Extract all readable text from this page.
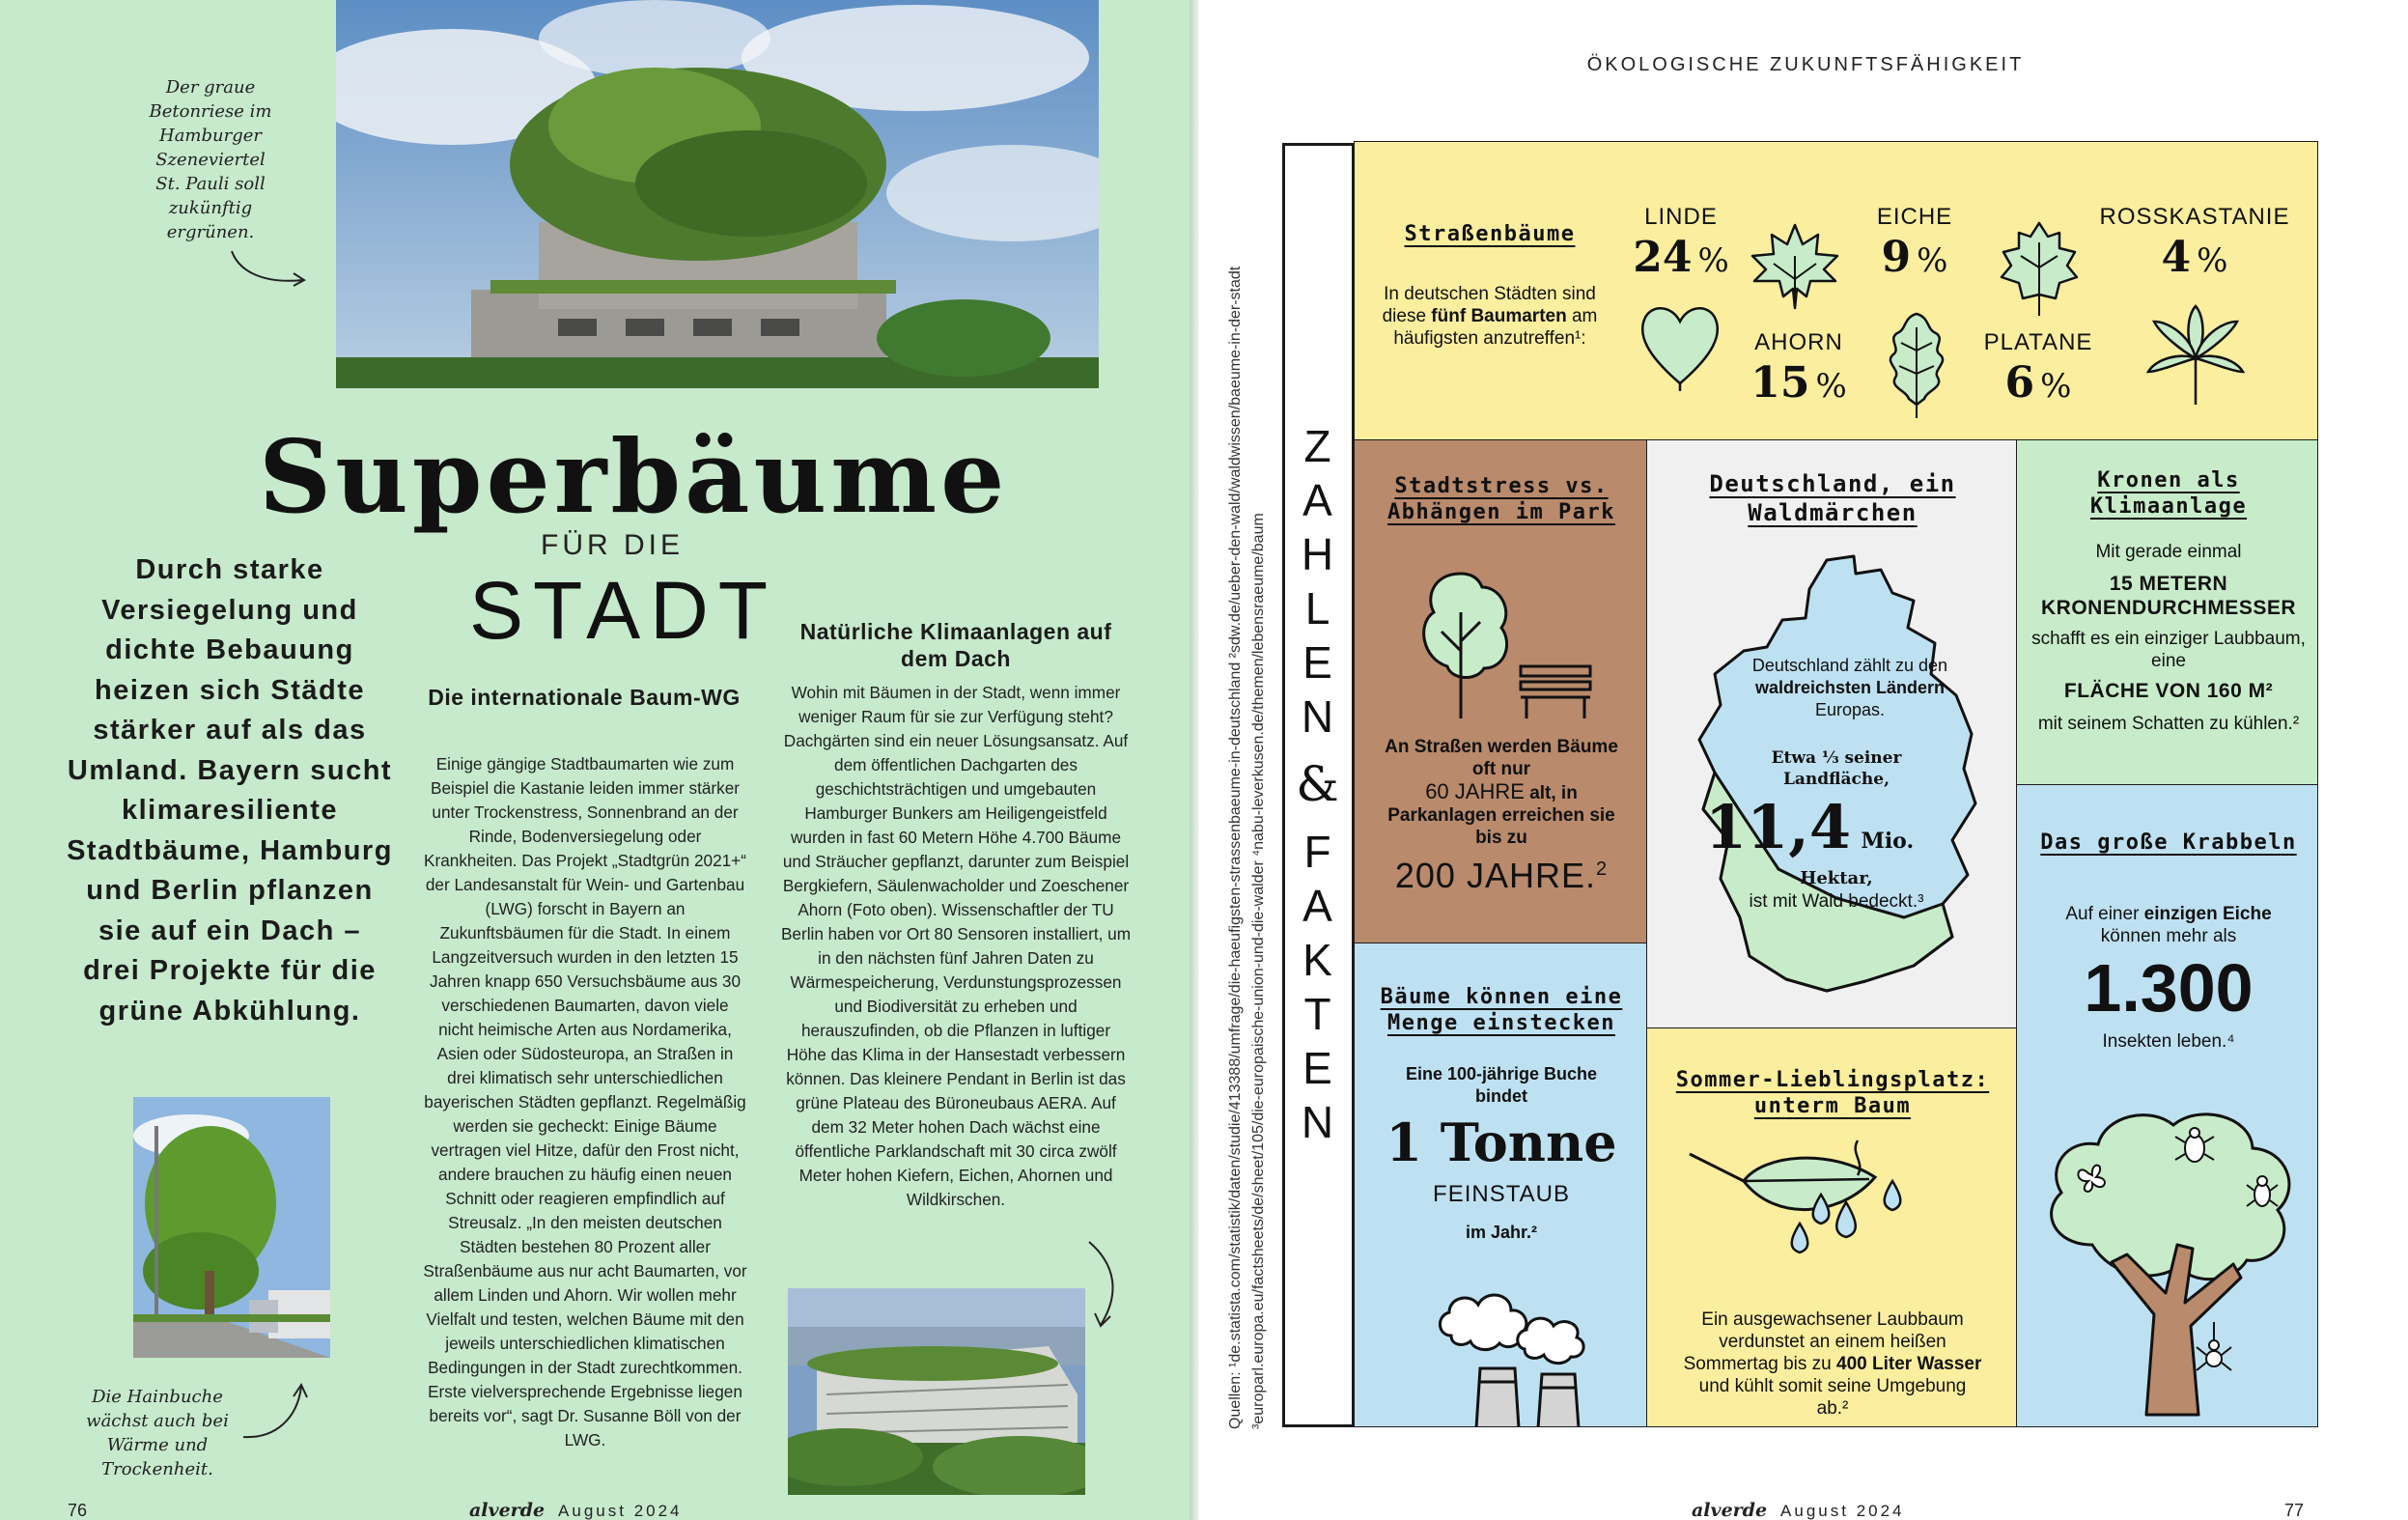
Der graue Betonriese im Hamburger Szeneviertel St. Pauli soll zukünftig ergrünen.
Superbäume
FÜR DIE
STADT
Durch starke Versiegelung und dichte Bebauung heizen sich Städte stärker auf als das Umland. Bayern sucht klimaresiliente Stadtbäume, Hamburg und Berlin pflanzen sie auf ein Dach – drei Projekte für die grüne Abkühlung.
Die internationale Baum-WG
Einige gängige Stadtbaumarten wie zum Beispiel die Kastanie leiden immer stärker unter Trockenstress, Sonnenbrand an der Rinde, Bodenversiegelung oder Krankheiten. Das Projekt „Stadtgrün 2021+“ der Landesanstalt für Wein- und Gartenbau (LWG) forscht in Bayern an Zukunftsbäumen für die Stadt. In einem Langzeitversuch wurden in den letzten 15 Jahren knapp 650 Versuchsbäume aus 30 verschiedenen Baumarten, davon viele nicht heimische Arten aus Nordamerika, Asien oder Südosteuropa, an Straßen in drei klimatisch sehr unterschiedlichen bayerischen Städten gepflanzt. Regelmäßig werden sie gecheckt: Einige Bäume vertragen viel Hitze, dafür den Frost nicht, andere brauchen zu häufig einen neuen Schnitt oder reagieren empfindlich auf Streusalz. „In den meisten deutschen Städten bestehen 80 Prozent aller Straßenbäume aus nur acht Baumarten, vor allem Linden und Ahorn. Wir wollen mehr Vielfalt und testen, welchen Bäume mit den jeweils unterschiedlichen klimatischen Bedingungen in der Stadt zurechtkommen. Erste vielversprechende Ergebnisse liegen bereits vor“, sagt Dr. Susanne Böll von der LWG.
Natürliche Klimaanlagen auf dem Dach
Wohin mit Bäumen in der Stadt, wenn immer weniger Raum für sie zur Verfügung steht? Dachgärten sind ein neuer Lösungsansatz. Auf dem öffentlichen Dachgarten des geschichtsträchtigen und umgebauten Hamburger Bunkers am Heiligengeistfeld wurden in fast 60 Metern Höhe 4.700 Bäume und Sträucher gepflanzt, darunter zum Beispiel Bergkiefern, Säulenwacholder und Zoeschener Ahorn (Foto oben). Wissenschaftler der TU Berlin haben vor Ort 80 Sensoren installiert, um in den nächsten fünf Jahren Daten zu Wärmespeicherung, Verdunstungsprozessen und Biodiversität zu erheben und herauszufinden, ob die Pflanzen in luftiger Höhe das Klima in der Hansestadt verbessern können. Das kleinere Pendant in Berlin ist das grüne Plateau des Büroneubaus AERA. Auf dem 32 Meter hohen Dach wächst eine öffentliche Parklandschaft mit 30 circa zwölf Meter hohen Kiefern, Eichen, Ahornen und Wildkirschen.
Die Hainbuche wächst auch bei Wärme und Trockenheit.
76	alverde August 2024
ÖKOLOGISCHE ZUKUNFTSFÄHIGKEIT
Quellen: ¹de.statista.com/statistik/daten/studie/413388/umfrage/die-haeufigsten-strassenbaeume-in-deutschland ²sdw.de/ueber-den-wald/waldwissen/baeume-in-der-stadt ³europarl.europa.eu/factsheets/de/sheet/105/die-europaische-union-und-die-walder ⁴nabu-leverkusen.de/themen/lebensraeume/baum
Z
A
H
L
E
N
&
F
A
K
T
E
N
Straßenbäume
In deutschen Städten sind diese fünf Baumarten am häufigsten anzutreffen¹:
LINDE
24 %
EICHE
9 %
ROSSKASTANIE
4 %
AHORN
15 %
PLATANE
6 %
Stadtstress vs. Abhängen im Park
An Straßen werden Bäume oft nur
60 JAHRE alt, in Parkanlagen erreichen sie bis zu
200 JAHRE.$^2$
Deutschland, ein Waldmärchen
Deutschland zählt zu den waldreichsten Ländern Europas.
Etwa ⅓ seiner Landfläche,
11,4 Mio.
Hektar,
ist mit Wald bedeckt.³
Kronen als Klimaanlage
Mit gerade einmal
15 METERN KRONENDURCHMESSER
schafft es ein einziger Laubbaum, eine
FLÄCHE VON 160 M²
mit seinem Schatten zu kühlen.²
Bäume können eine Menge einstecken
Eine 100-jährige Buche bindet
1 Tonne
FEINSTAUB
im Jahr.²
Sommer-Lieblingsplatz: unterm Baum
Ein ausgewachsener Laubbaum verdunstet an einem heißen Sommertag bis zu 400 Liter Wasser und kühlt somit seine Umgebung ab.²
Das große Krabbeln
Auf einer einzigen Eiche können mehr als
1.300
Insekten leben.⁴
77
alverde August 2024
